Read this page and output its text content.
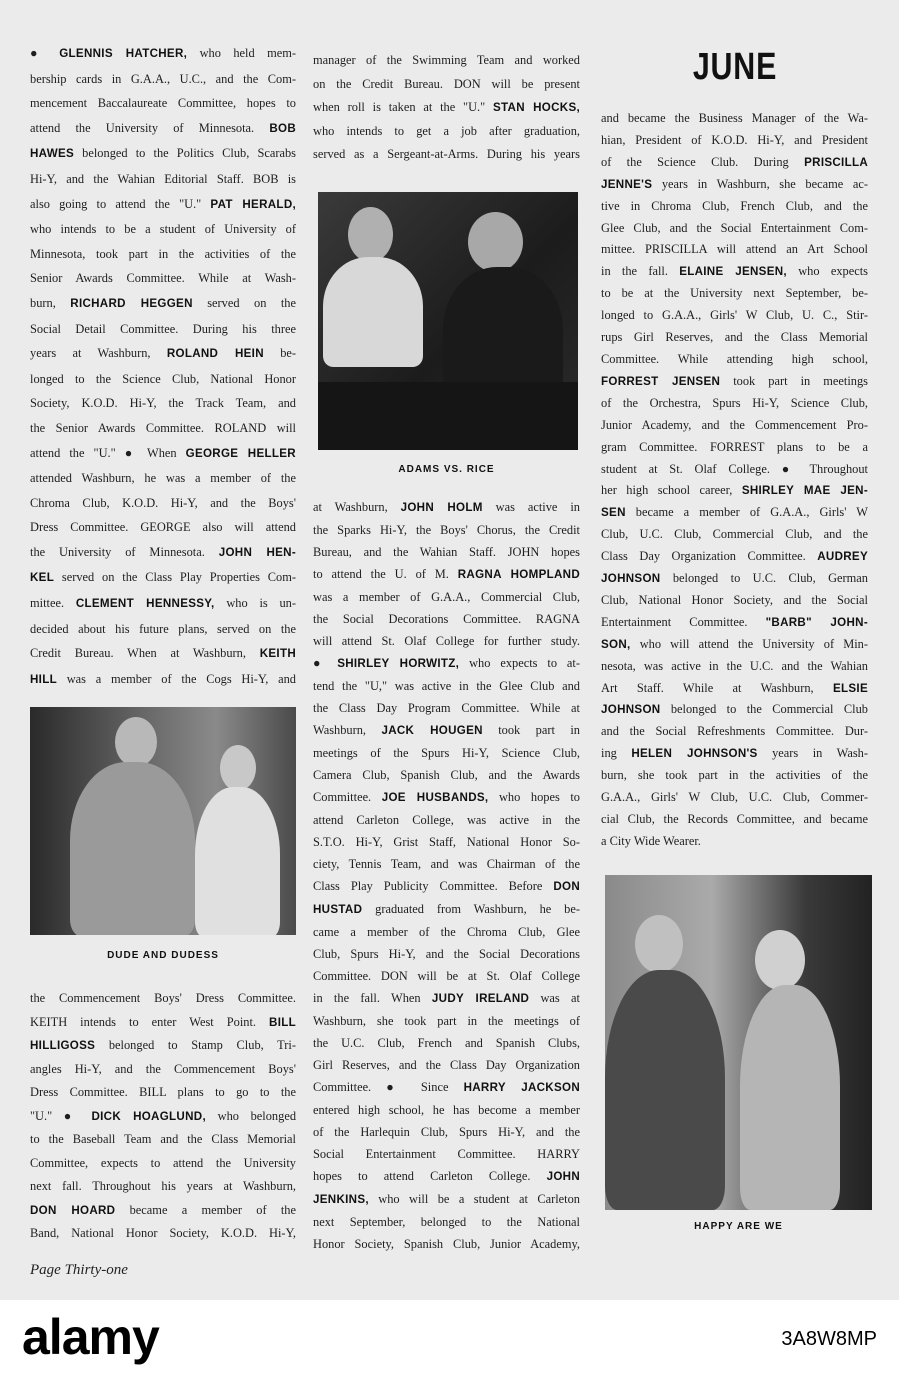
JUNE
● GLENNIS HATCHER, who held mem-
bership cards in G.A.A., U.C., and the Com-
mencement Baccalaureate Committee, hopes to
attend the University of Minnesota. BOB
HAWES belonged to the Politics Club, Scarabs
Hi-Y, and the Wahian Editorial Staff. BOB is
also going to attend the "U." PAT HERALD,
who intends to be a student of University of
Minnesota, took part in the activities of the
Senior Awards Committee. While at Wash-
burn, RICHARD HEGGEN served on the
Social Detail Committee. During his three
years at Washburn, ROLAND HEIN be-
longed to the Science Club, National Honor
Society, K.O.D. Hi-Y, the Track Team, and
the Senior Awards Committee. ROLAND will
attend the "U." ● When GEORGE HELLER
attended Washburn, he was a member of the
Chroma Club, K.O.D. Hi-Y, and the Boys'
Dress Committee. GEORGE also will attend
the University of Minnesota. JOHN HEN-
KEL served on the Class Play Properties Com-
mittee. CLEMENT HENNESSY, who is un-
decided about his future plans, served on the
Credit Bureau. When at Washburn, KEITH
HILL was a member of the Cogs Hi-Y, and
DUDE AND DUDESS
the Commencement Boys' Dress Committee.
KEITH intends to enter West Point. BILL
HILLIGOSS belonged to Stamp Club, Tri-
angles Hi-Y, and the Commencement Boys'
Dress Committee. BILL plans to go to the
"U." ● DICK HOAGLUND, who belonged
to the Baseball Team and the Class Memorial
Committee, expects to attend the University
next fall. Throughout his years at Washburn,
DON HOARD became a member of the
Band, National Honor Society, K.O.D. Hi-Y,
Page Thirty-one
manager of the Swimming Team and worked
on the Credit Bureau. DON will be present
when roll is taken at the "U." STAN HOCKS,
who intends to get a job after graduation,
served as a Sergeant-at-Arms. During his years
ADAMS VS. RICE
at Washburn, JOHN HOLM was active in
the Sparks Hi-Y, the Boys' Chorus, the Credit
Bureau, and the Wahian Staff. JOHN hopes
to attend the U. of M. RAGNA HOMPLAND
was a member of G.A.A., Commercial Club,
the Social Decorations Committee. RAGNA
will attend St. Olaf College for further study.
● SHIRLEY HORWITZ, who expects to at-
tend the "U," was active in the Glee Club and
the Class Day Program Committee. While at
Washburn, JACK HOUGEN took part in
meetings of the Spurs Hi-Y, Science Club,
Camera Club, Spanish Club, and the Awards
Committee. JOE HUSBANDS, who hopes to
attend Carleton College, was active in the
S.T.O. Hi-Y, Grist Staff, National Honor So-
ciety, Tennis Team, and was Chairman of the
Class Play Publicity Committee. Before DON
HUSTAD graduated from Washburn, he be-
came a member of the Chroma Club, Glee
Club, Spurs Hi-Y, and the Social Decorations
Committee. DON will be at St. Olaf College
in the fall. When JUDY IRELAND was at
Washburn, she took part in the meetings of
the U.C. Club, French and Spanish Clubs,
Girl Reserves, and the Class Day Organization
Committee. ● Since HARRY JACKSON
entered high school, he has become a member
of the Harlequin Club, Spurs Hi-Y, and the
Social Entertainment Committee. HARRY
hopes to attend Carleton College. JOHN
JENKINS, who will be a student at Carleton
next September, belonged to the National
Honor Society, Spanish Club, Junior Academy,
and became the Business Manager of the Wa-
hian, President of K.O.D. Hi-Y, and President
of the Science Club. During PRISCILLA
JENNE'S years in Washburn, she became ac-
tive in Chroma Club, French Club, and the
Glee Club, and the Social Entertainment Com-
mittee. PRISCILLA will attend an Art School
in the fall. ELAINE JENSEN, who expects
to be at the University next September, be-
longed to G.A.A., Girls' W Club, U. C., Stir-
rups Girl Reserves, and the Class Memorial
Committee. While attending high school,
FORREST JENSEN took part in meetings
of the Orchestra, Spurs Hi-Y, Science Club,
Junior Academy, and the Commencement Pro-
gram Committee. FORREST plans to be a
student at St. Olaf College. ● Throughout
her high school career, SHIRLEY MAE JEN-
SEN became a member of G.A.A., Girls' W
Club, U.C. Club, Commercial Club, and the
Class Day Organization Committee. AUDREY
JOHNSON belonged to U.C. Club, German
Club, National Honor Society, and the Social
Entertainment Committee. "BARB" JOHN-
SON, who will attend the University of Min-
nesota, was active in the U.C. and the Wahian
Art Staff. While at Washburn, ELSIE
JOHNSON belonged to the Commercial Club
and the Social Refreshments Committee. Dur-
ing HELEN JOHNSON'S years in Wash-
burn, she took part in the activities of the
G.A.A., Girls' W Club, U.C. Club, Commer-
cial Club, the Records Committee, and became
a City Wide Wearer.
HAPPY ARE WE
alamy	3A8W8MP
